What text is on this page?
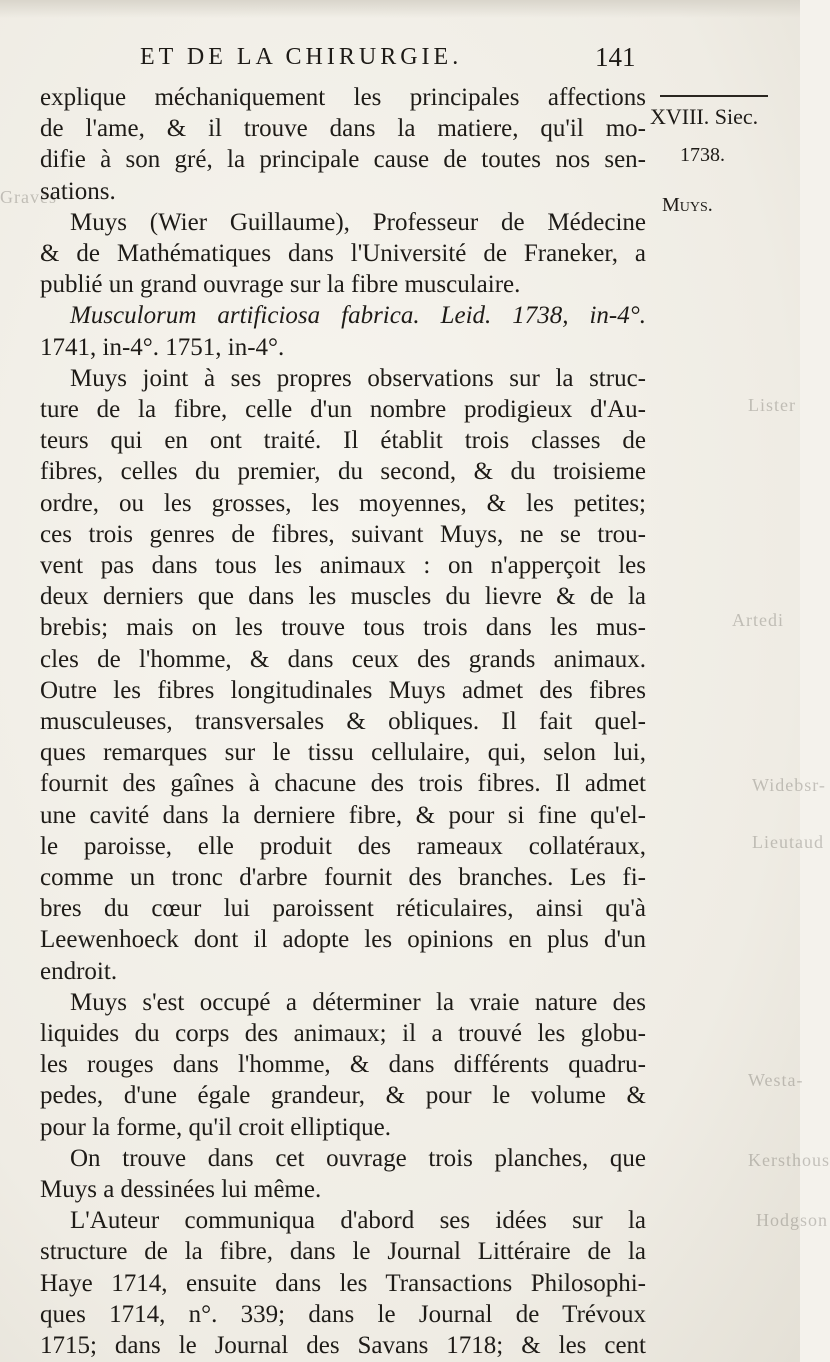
ET DE LA CHIRURGIE.	141
XVIII. Siec.
1738.
Muys.
Graves
Lister
Artedi
Widebsr-
Lieutaud
Westa-
Kersthous
Hodgson
explique méchaniquement les principales affections
de l'ame, & il trouve dans la matiere, qu'il mo-
difie à son gré, la principale cause de toutes nos sen-
sations.
Muys (Wier Guillaume), Professeur de Médecine
& de Mathématiques dans l'Université de Franeker, a
publié un grand ouvrage sur la fibre musculaire.
Musculorum artificiosa fabrica. Leid. 1738, in-4°.
1741, in-4°. 1751, in-4°.
Muys joint à ses propres observations sur la struc-
ture de la fibre, celle d'un nombre prodigieux d'Au-
teurs qui en ont traité. Il établit trois classes de
fibres, celles du premier, du second, & du troisieme
ordre, ou les grosses, les moyennes, & les petites;
ces trois genres de fibres, suivant Muys, ne se trou-
vent pas dans tous les animaux : on n'apperçoit les
deux derniers que dans les muscles du lievre & de la
brebis; mais on les trouve tous trois dans les mus-
cles de l'homme, & dans ceux des grands animaux.
Outre les fibres longitudinales Muys admet des fibres
musculeuses, transversales & obliques. Il fait quel-
ques remarques sur le tissu cellulaire, qui, selon lui,
fournit des gaînes à chacune des trois fibres. Il admet
une cavité dans la derniere fibre, & pour si fine qu'el-
le paroisse, elle produit des rameaux collatéraux,
comme un tronc d'arbre fournit des branches. Les fi-
bres du cœur lui paroissent réticulaires, ainsi qu'à
Leewenhoeck dont il adopte les opinions en plus d'un
endroit.
Muys s'est occupé a déterminer la vraie nature des
liquides du corps des animaux; il a trouvé les globu-
les rouges dans l'homme, & dans différents quadru-
pedes, d'une égale grandeur, & pour le volume &
pour la forme, qu'il croit elliptique.
On trouve dans cet ouvrage trois planches, que
Muys a dessinées lui même.
L'Auteur communiqua d'abord ses idées sur la
structure de la fibre, dans le Journal Littéraire de la
Haye 1714, ensuite dans les Transactions Philosophi-
ques 1714, n°. 339; dans le Journal de Trévoux
1715; dans le Journal des Savans 1718; & les cent
